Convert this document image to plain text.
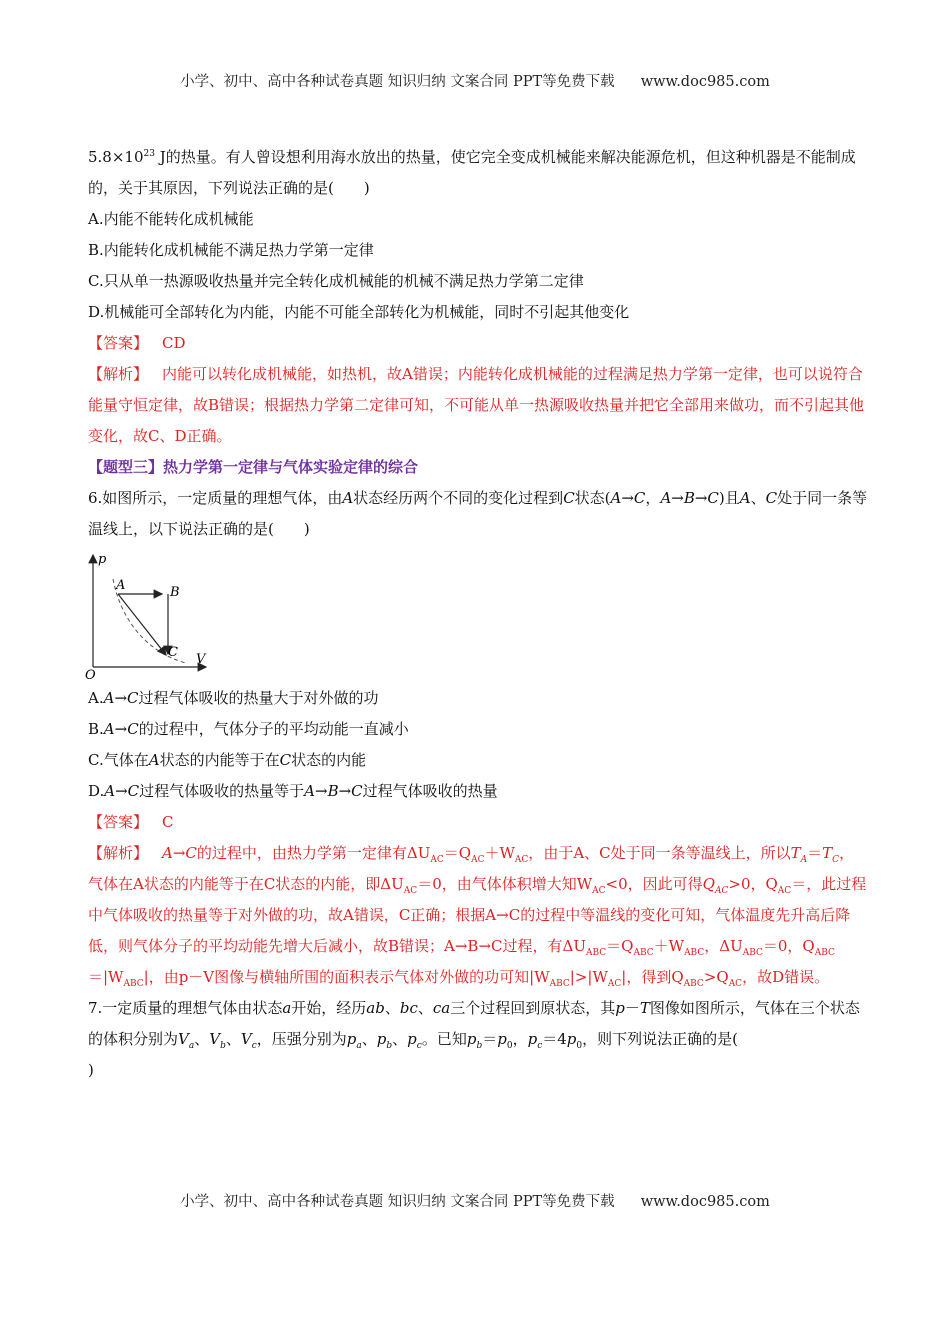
小学、初中、高中各种试卷真题 知识归纳 文案合同 PPT等免费下载 www.doc985.com

$5.8\times 10^{23}$ J的热量。有人曾设想利用海水放出的热量，使它完全变成机械能来解决能源危机，但这种机器是不能制成的，关于其原因，下列说法正确的是(　　)

A.内能不能转化成机械能

B.内能转化成机械能不满足热力学第一定律

C.只从单一热源吸收热量并完全转化成机械能的机械不满足热力学第二定律

D.机械能可全部转化为内能，内能不可能全部转化为机械能，同时不引起其他变化

【答案】 CD

【解析】 内能可以转化成机械能，如热机，故A错误；内能转化成机械能的过程满足热力学第一定律，也可以说符合能量守恒定律，故B错误；根据热力学第二定律可知，不可能从单一热源吸收热量并把它全部用来做功，而不引起其他变化，故C、D正确。

【题型三】热力学第一定律与气体实验定律的综合

6.如图所示，一定质量的理想气体，由A状态经历两个不同的变化过程到C状态(A→C，A→B→C)且A、C处于同一条等温线上，以下说法正确的是(　　)

p
V
O
A	B
C

A.A→C过程气体吸收的热量大于对外做的功

B.A→C的过程中，气体分子的平均动能一直减小

C.气体在A状态的内能等于在C状态的内能

D.A→C过程气体吸收的热量等于A→B→C过程气体吸收的热量

【答案】 C

【解析】 A→C的过程中，由热力学第一定律有$\Delta U_{AC}=Q_{AC}+W_{AC}$，由于A、C处于同一条等温线上，所以$T_A=T_C$，气体在A状态的内能等于在C状态的内能，即$\Delta U_{AC}=0$，由气体体积增大知$W_{AC}<0$，因此可得$Q_{AC}>0$，$Q_{AC}=$，此过程中气体吸收的热量等于对外做的功，故A错误，C正确；根据A→C的过程中等温线的变化可知，气体温度先升高后降低，则气体分子的平均动能先增大后减小，故B错误；A→B→C过程，有$\Delta U_{ABC}=Q_{ABC}+W_{ABC}$，$\Delta U_{ABC}=0$，$Q_{ABC}=|W_{ABC}|$，由p－V图像与横轴所围的面积表示气体对外做的功可知$|W_{ABC}|>|W_{AC}|$，得到$Q_{ABC}>Q_{AC}$，故D错误。

7.一定质量的理想气体由状态a开始，经历ab、bc、ca三个过程回到原状态，其p－T图像如图所示，气体在三个状态的体积分别为$V_a$、$V_b$、$V_c$，压强分别为$p_a$、$p_b$、$p_c$。已知$p_b=p_0$，$p_c=4p_0$，则下列说法正确的是(

)

小学、初中、高中各种试卷真题 知识归纳 文案合同 PPT等免费下载 www.doc985.com
